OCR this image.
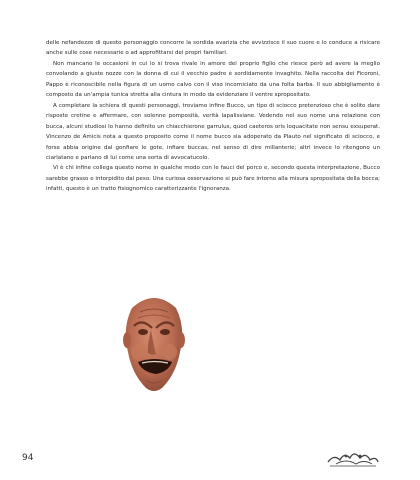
delle nefandezze di questo personaggio concorre la sordida avarizia che avvizzisce il suo cuore e lo conduce a risicare anche sulle cose necessarie o ad approfittarsi dei propri familiari.

Non mancano le occasioni in cui lo si trova rivale in amore del proprio figlio che riesce però ad avere la meglio convolando a giuste nozze con la donna di cui il vecchio padre è sordidamente invaghito. Nella raccolta dei Ficoroni, Pappo è riconoscibile nella figura di un uomo calvo con il viso incorniciato da una folta barba. Il suo abbigliamento è composto da un'ampia tunica stretta alla cintura in modo da evidenziare il ventre spropositato.

A completare la schiera di questi personaggi, troviamo infine Bucco, un tipo di sciocco pretenzioso che è solito dare risposte cretine e affermare, con solenne pomposità, verità lapalissiane. Vedendo nel suo nome una relazione con bucca, alcuni studiosi lo hanno definito un chiacchierone garrulus, quod caeteros oris loquacitate non sensu exsuperat. Vincenzo de Amicis nota a questo proposito come il nome bucco sia adoperato da Plauto nel significato di sciocco, e forse abbia origine dal gonfiare le gote, infiare buccas, nel senso di dire millanterie; altri invece lo ritengono un ciarlatano e parlano di lui come una sorta di avvocatucolo.

Vi è chi infine collega questo nome in qualche modo con le fauci del porco e, secondo questa interpretazione, Bucco sarebbe grasso e intorpidito dal peso. Una curiosa osservazione si può fare intorno alla misura spropositata della bocca; infatti, questo è un tratto fisiognomico caratterizzante l'ignoranza.

94
